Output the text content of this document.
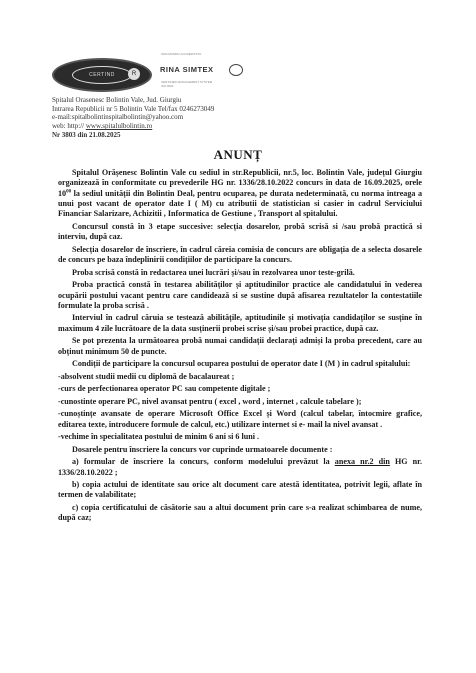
CERTIND	R
ORGANISMO ACCREDITATO
RINA SIMTEX
CERTIFIED MANAGEMENT SYSTEM
ISO 9001
Spitalul Orasenesc Bolintin Vale, Jud. Giurgiu
Intrarea Republicii nr 5 Bolintin Vale Tel/fax 0246273049
e-mail:spitalbolintinspitalbolintin@yahoo.com
web: http:// www.spitalulbolintin.ro
Nr 3803 din 21.08.2025
ANUNȚ

Spitalul Orășenesc Bolintin Vale cu sediul in str.Republicii, nr.5, loc. Bolintin Vale, județul Giurgiu organizează în conformitate cu prevederile HG nr. 1336/28.10.2022 concurs în data de 16.09.2025, orele $10^{00}$ la sediul unității din Bolintin Deal, pentru ocuparea, pe durata nedeterminată, cu norma intreaga a unui post vacant de operator date I ( M) cu atributii de statistician si casier in cadrul Serviciului Financiar Salarizare, Achizitii , Informatica de Gestiune , Transport al spitalului.

Concursul constă în 3 etape succesive: selecția dosarelor, probă scrisă si /sau probă practică si interviu, după caz.

Selecția dosarelor de înscriere, în cadrul căreia comisia de concurs are obligația de a selecta dosarele de concurs pe baza îndeplinirii condițiilor de participare la concurs.

Proba scrisă constă în redactarea unei lucrări și/sau în rezolvarea unor teste-grilă.

Proba practică constă în testarea abilităților și aptitudinilor practice ale candidatului în vederea ocupării postului vacant pentru care candidează si se sustine după afisarea rezultatelor la contestatiile formulate la proba scrisă .

Interviul în cadrul căruia se testează abilitățile, aptitudinile și motivația candidaților se susține în maximum 4 zile lucrătoare de la data susținerii probei scrise și/sau probei practice, după caz.

Se pot prezenta la următoarea probă numai candidații declarați admiși la proba precedent, care au obținut minimum 50 de puncte.

Condiții de participare la concursul ocuparea postului de operator date I (M ) in cadrul spitalului:

-absolvent studii medii cu diplomă de bacalaureat ;

-curs de perfectionarea operator PC sau competente digitale ;

-cunostinte operare PC, nivel avansat pentru ( excel , word , internet , calcule tabelare );

-cunoștințe avansate de operare Microsoft Office Excel și Word (calcul tabelar, întocmire grafice, editarea texte, introducere formule de calcul, etc.) utilizare internet si e- mail la nivel avansat .

-vechime în specialitatea postului de minim 6 ani si 6 luni .

Dosarele pentru înscriere la concurs vor cuprinde urmatoarele documente :

a) formular de înscriere la concurs, conform modelului prevăzut la anexa nr.2 din HG nr. 1336/28.10.2022 ;

b) copia actului de identitate sau orice alt document care atestă identitatea, potrivit legii, aflate în termen de valabilitate;

c) copia certificatului de căsătorie sau a altui document prin care s-a realizat schimbarea de nume, după caz;
